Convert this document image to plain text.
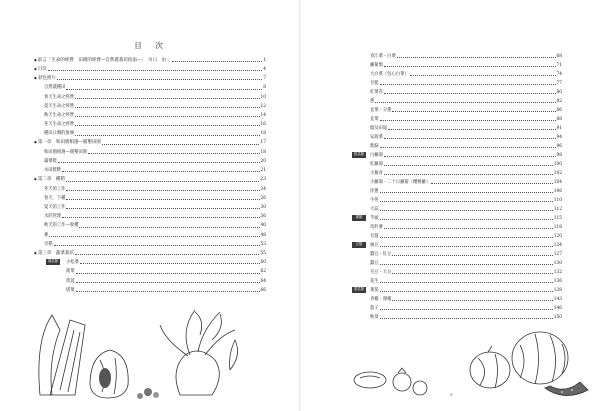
目　次
◆ 前言「生命的經營　田園的經營—自然農栽培指南—」　川口　由一	1
◆ 目次	4
◆ 彩色照片	7
自然農種田	8
春天生命之經營	10
夏天生命之經營	12
秋天生命之經營	14
冬天生命之經營	16
種田日曆的推廣	18
◆ 第一章　和田園相遇—開墾田園	17
和田園相遇—開墾田園	18
築菜畦	20
水田畦畔	21
◆ 第二章　種稻	23
冬天的工作	24
春天、下種	26
夏天的工作	30
水的管理	36
秋天的工作—收穫	40
麥	48
旱稻	53
◆ 第三章　蔬菜栽培	55
小松菜	60
菠菜	62
茼蒿	64
塔菜	66
葉菜類
4
青江菜・白菜	68
蘿蔔類	71
大白菜（包心白菜）	74
甘藍	77
紅菜苔	80
蔥	82
韭菜・分蔥	86
韭菜	88
燒及田鼠	91
安菠菜	94
紫蘇	96
白蘿蔔	98
紅蘿蔔	100
小蕪青	102
小蘿蔔・二十日蘿蔔（櫻桃蘿）	104
洋蔥	106
牛蒡	110
大蒜	112
芋頭	115
馬鈴薯	118
甘藷	120
豌豆	124
蠶豆・紅豆	127
蠶豆	130
毛豆・大豆	132
花生	136
番茄	138
青椒・甜椒	143
茄子	146
秋葵	150
根菜類
薯類
豆類
果菜類
5
